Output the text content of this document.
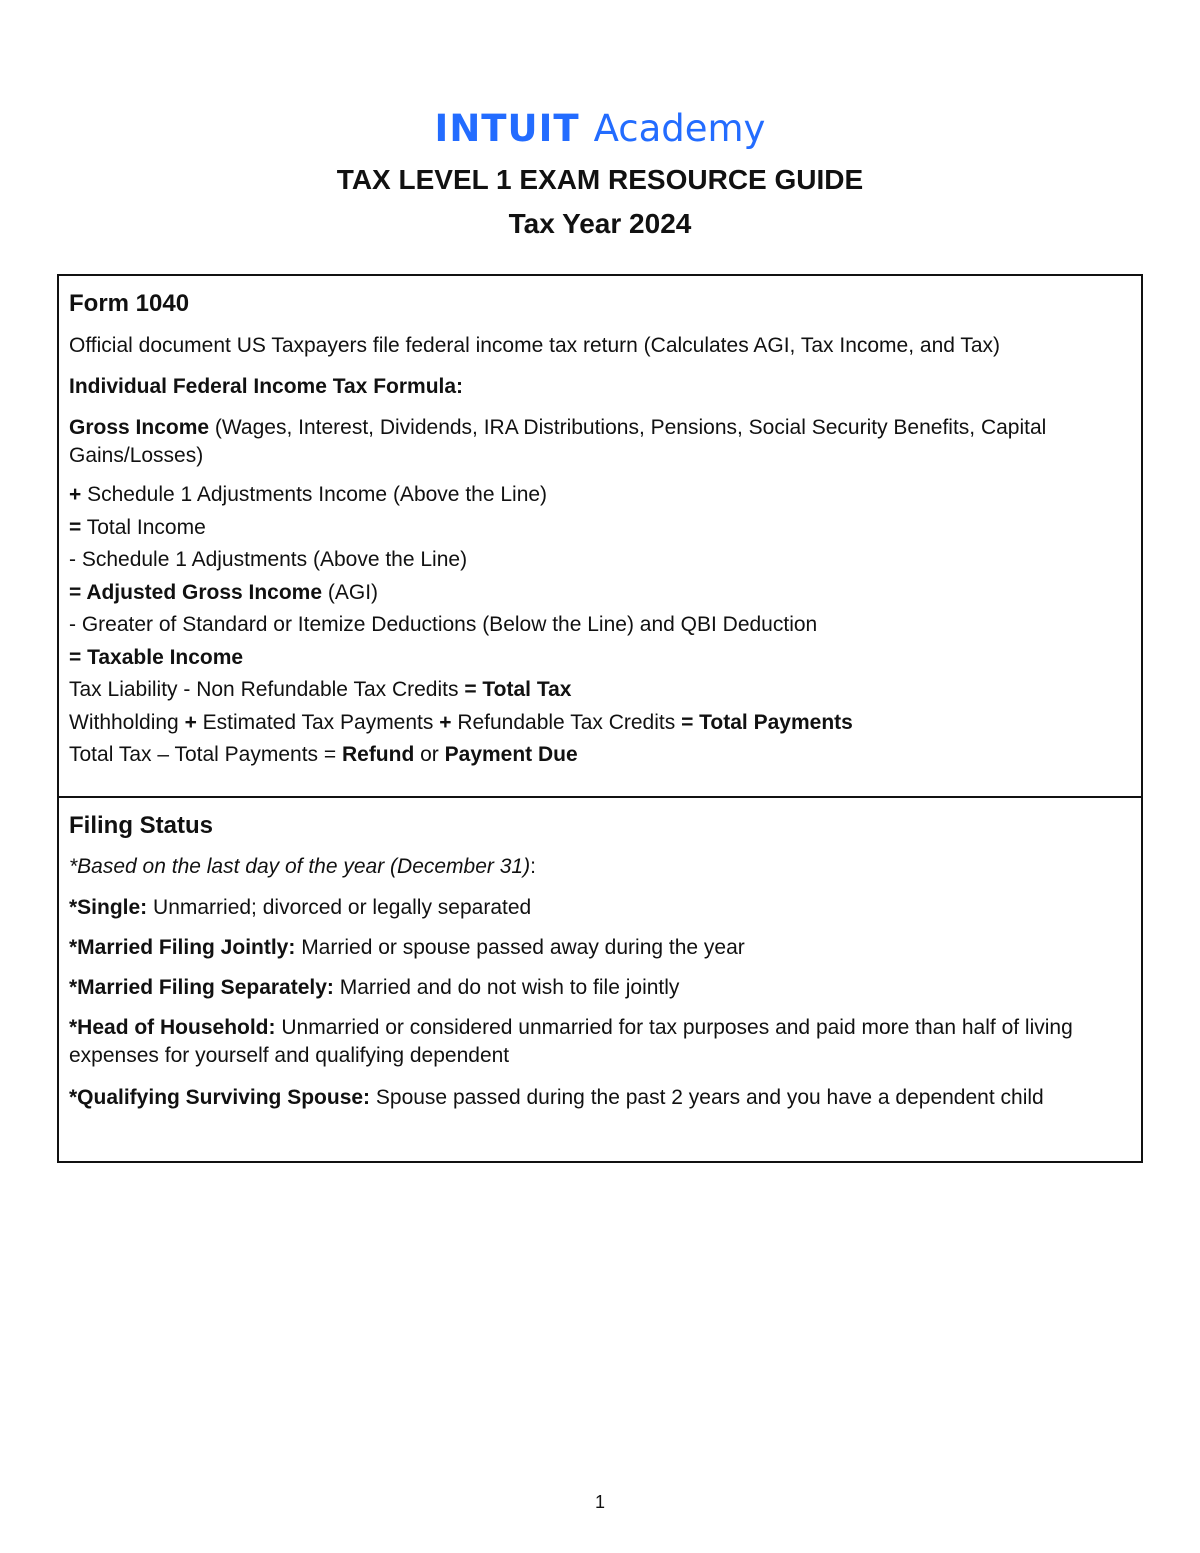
INTUIT Academy
TAX LEVEL 1 EXAM RESOURCE GUIDE
Tax Year 2024
Form 1040
Official document US Taxpayers file federal income tax return (Calculates AGI, Tax Income, and Tax)
Individual Federal Income Tax Formula:
Gross Income (Wages, Interest, Dividends, IRA Distributions, Pensions, Social Security Benefits, Capital Gains/Losses)
+ Schedule 1 Adjustments Income (Above the Line)
= Total Income
- Schedule 1 Adjustments (Above the Line)
= Adjusted Gross Income (AGI)
- Greater of Standard or Itemize Deductions (Below the Line) and QBI Deduction
= Taxable Income
Tax Liability - Non Refundable Tax Credits = Total Tax
Withholding + Estimated Tax Payments + Refundable Tax Credits = Total Payments
Total Tax – Total Payments = Refund or Payment Due
Filing Status
*Based on the last day of the year (December 31):
*Single: Unmarried; divorced or legally separated
*Married Filing Jointly: Married or spouse passed away during the year
*Married Filing Separately: Married and do not wish to file jointly
*Head of Household: Unmarried or considered unmarried for tax purposes and paid more than half of living expenses for yourself and qualifying dependent
*Qualifying Surviving Spouse: Spouse passed during the past 2 years and you have a dependent child
1
